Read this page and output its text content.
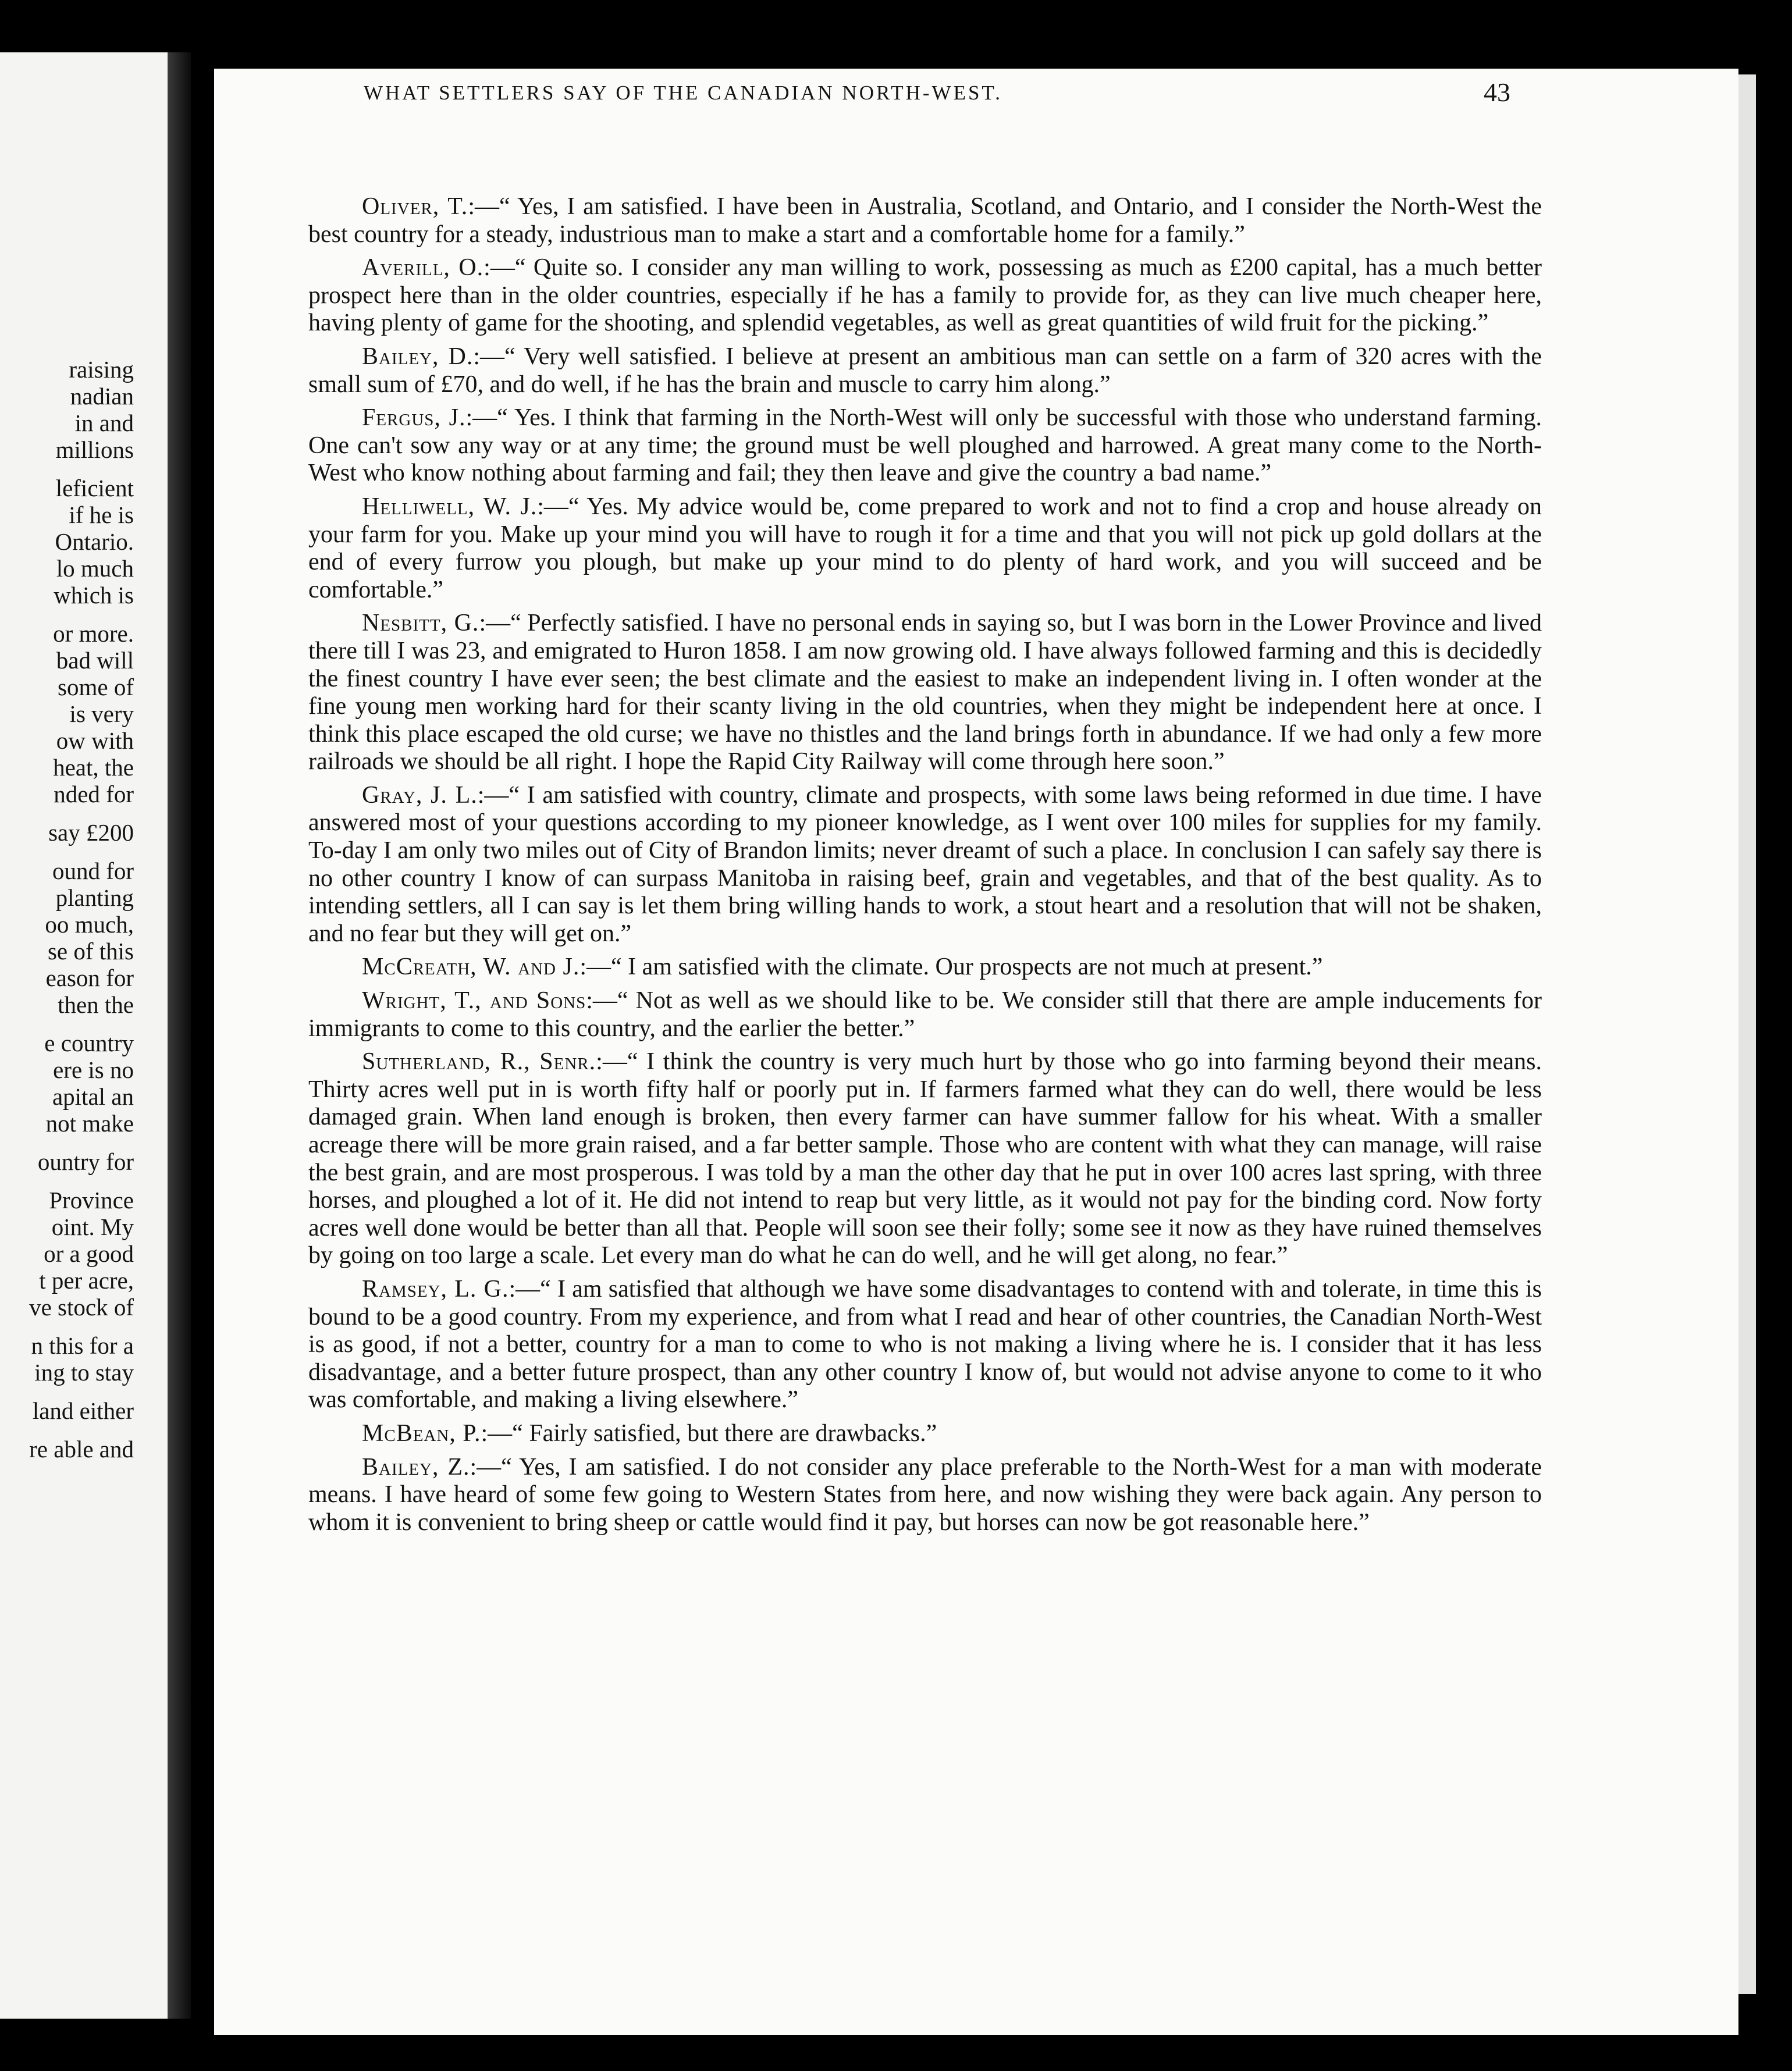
raising
nadian
in and
millions
leficient
if he is
Ontario.
lo much
which is
or more.
bad will
some of
is very
ow with
heat, the
nded for
say £200
ound for
planting
oo much,
se of this
eason for
then the
e country
ere is no
apital an
not make
ountry for
Province
oint. My
or a good
t per acre,
ve stock of
n this for a
ing to stay
land either
re able and
WHAT SETTLERS SAY OF THE CANADIAN NORTH-WEST.	43

Oliver, T.:—“ Yes, I am satisfied. I have been in Australia, Scotland, and Ontario, and I consider the North-West the best country for a steady, industrious man to make a start and a comfortable home for a family.”

Averill, O.:—“ Quite so. I consider any man willing to work, possessing as much as £200 capital, has a much better prospect here than in the older countries, especially if he has a family to provide for, as they can live much cheaper here, having plenty of game for the shooting, and splendid vegetables, as well as great quantities of wild fruit for the picking.”

Bailey, D.:—“ Very well satisfied. I believe at present an ambitious man can settle on a farm of 320 acres with the small sum of £70, and do well, if he has the brain and muscle to carry him along.”

Fergus, J.:—“ Yes. I think that farming in the North-West will only be successful with those who understand farming. One can't sow any way or at any time; the ground must be well ploughed and harrowed. A great many come to the North-West who know nothing about farming and fail; they then leave and give the country a bad name.”

Helliwell, W. J.:—“ Yes. My advice would be, come prepared to work and not to find a crop and house already on your farm for you. Make up your mind you will have to rough it for a time and that you will not pick up gold dollars at the end of every furrow you plough, but make up your mind to do plenty of hard work, and you will succeed and be comfortable.”

Nesbitt, G.:—“ Perfectly satisfied. I have no personal ends in saying so, but I was born in the Lower Province and lived there till I was 23, and emigrated to Huron 1858. I am now growing old. I have always followed farming and this is decidedly the finest country I have ever seen; the best climate and the easiest to make an independent living in. I often wonder at the fine young men working hard for their scanty living in the old countries, when they might be independent here at once. I think this place escaped the old curse; we have no thistles and the land brings forth in abundance. If we had only a few more railroads we should be all right. I hope the Rapid City Railway will come through here soon.”

Gray, J. L.:—“ I am satisfied with country, climate and prospects, with some laws being reformed in due time. I have answered most of your questions according to my pioneer knowledge, as I went over 100 miles for supplies for my family. To-day I am only two miles out of City of Brandon limits; never dreamt of such a place. In conclusion I can safely say there is no other country I know of can surpass Manitoba in raising beef, grain and vegetables, and that of the best quality. As to intending settlers, all I can say is let them bring willing hands to work, a stout heart and a resolution that will not be shaken, and no fear but they will get on.”

McCreath, W. and J.:—“ I am satisfied with the climate. Our prospects are not much at present.”

Wright, T., and Sons:—“ Not as well as we should like to be. We consider still that there are ample inducements for immigrants to come to this country, and the earlier the better.”

Sutherland, R., Senr.:—“ I think the country is very much hurt by those who go into farming beyond their means. Thirty acres well put in is worth fifty half or poorly put in. If farmers farmed what they can do well, there would be less damaged grain. When land enough is broken, then every farmer can have summer fallow for his wheat. With a smaller acreage there will be more grain raised, and a far better sample. Those who are content with what they can manage, will raise the best grain, and are most prosperous. I was told by a man the other day that he put in over 100 acres last spring, with three horses, and ploughed a lot of it. He did not intend to reap but very little, as it would not pay for the binding cord. Now forty acres well done would be better than all that. People will soon see their folly; some see it now as they have ruined themselves by going on too large a scale. Let every man do what he can do well, and he will get along, no fear.”

Ramsey, L. G.:—“ I am satisfied that although we have some disadvantages to contend with and tolerate, in time this is bound to be a good country. From my experience, and from what I read and hear of other countries, the Canadian North-West is as good, if not a better, country for a man to come to who is not making a living where he is. I consider that it has less disadvantage, and a better future prospect, than any other country I know of, but would not advise anyone to come to it who was comfortable, and making a living elsewhere.”

McBean, P.:—“ Fairly satisfied, but there are drawbacks.”

Bailey, Z.:—“ Yes, I am satisfied. I do not consider any place preferable to the North-West for a man with moderate means. I have heard of some few going to Western States from here, and now wishing they were back again. Any person to whom it is convenient to bring sheep or cattle would find it pay, but horses can now be got reasonable here.”
